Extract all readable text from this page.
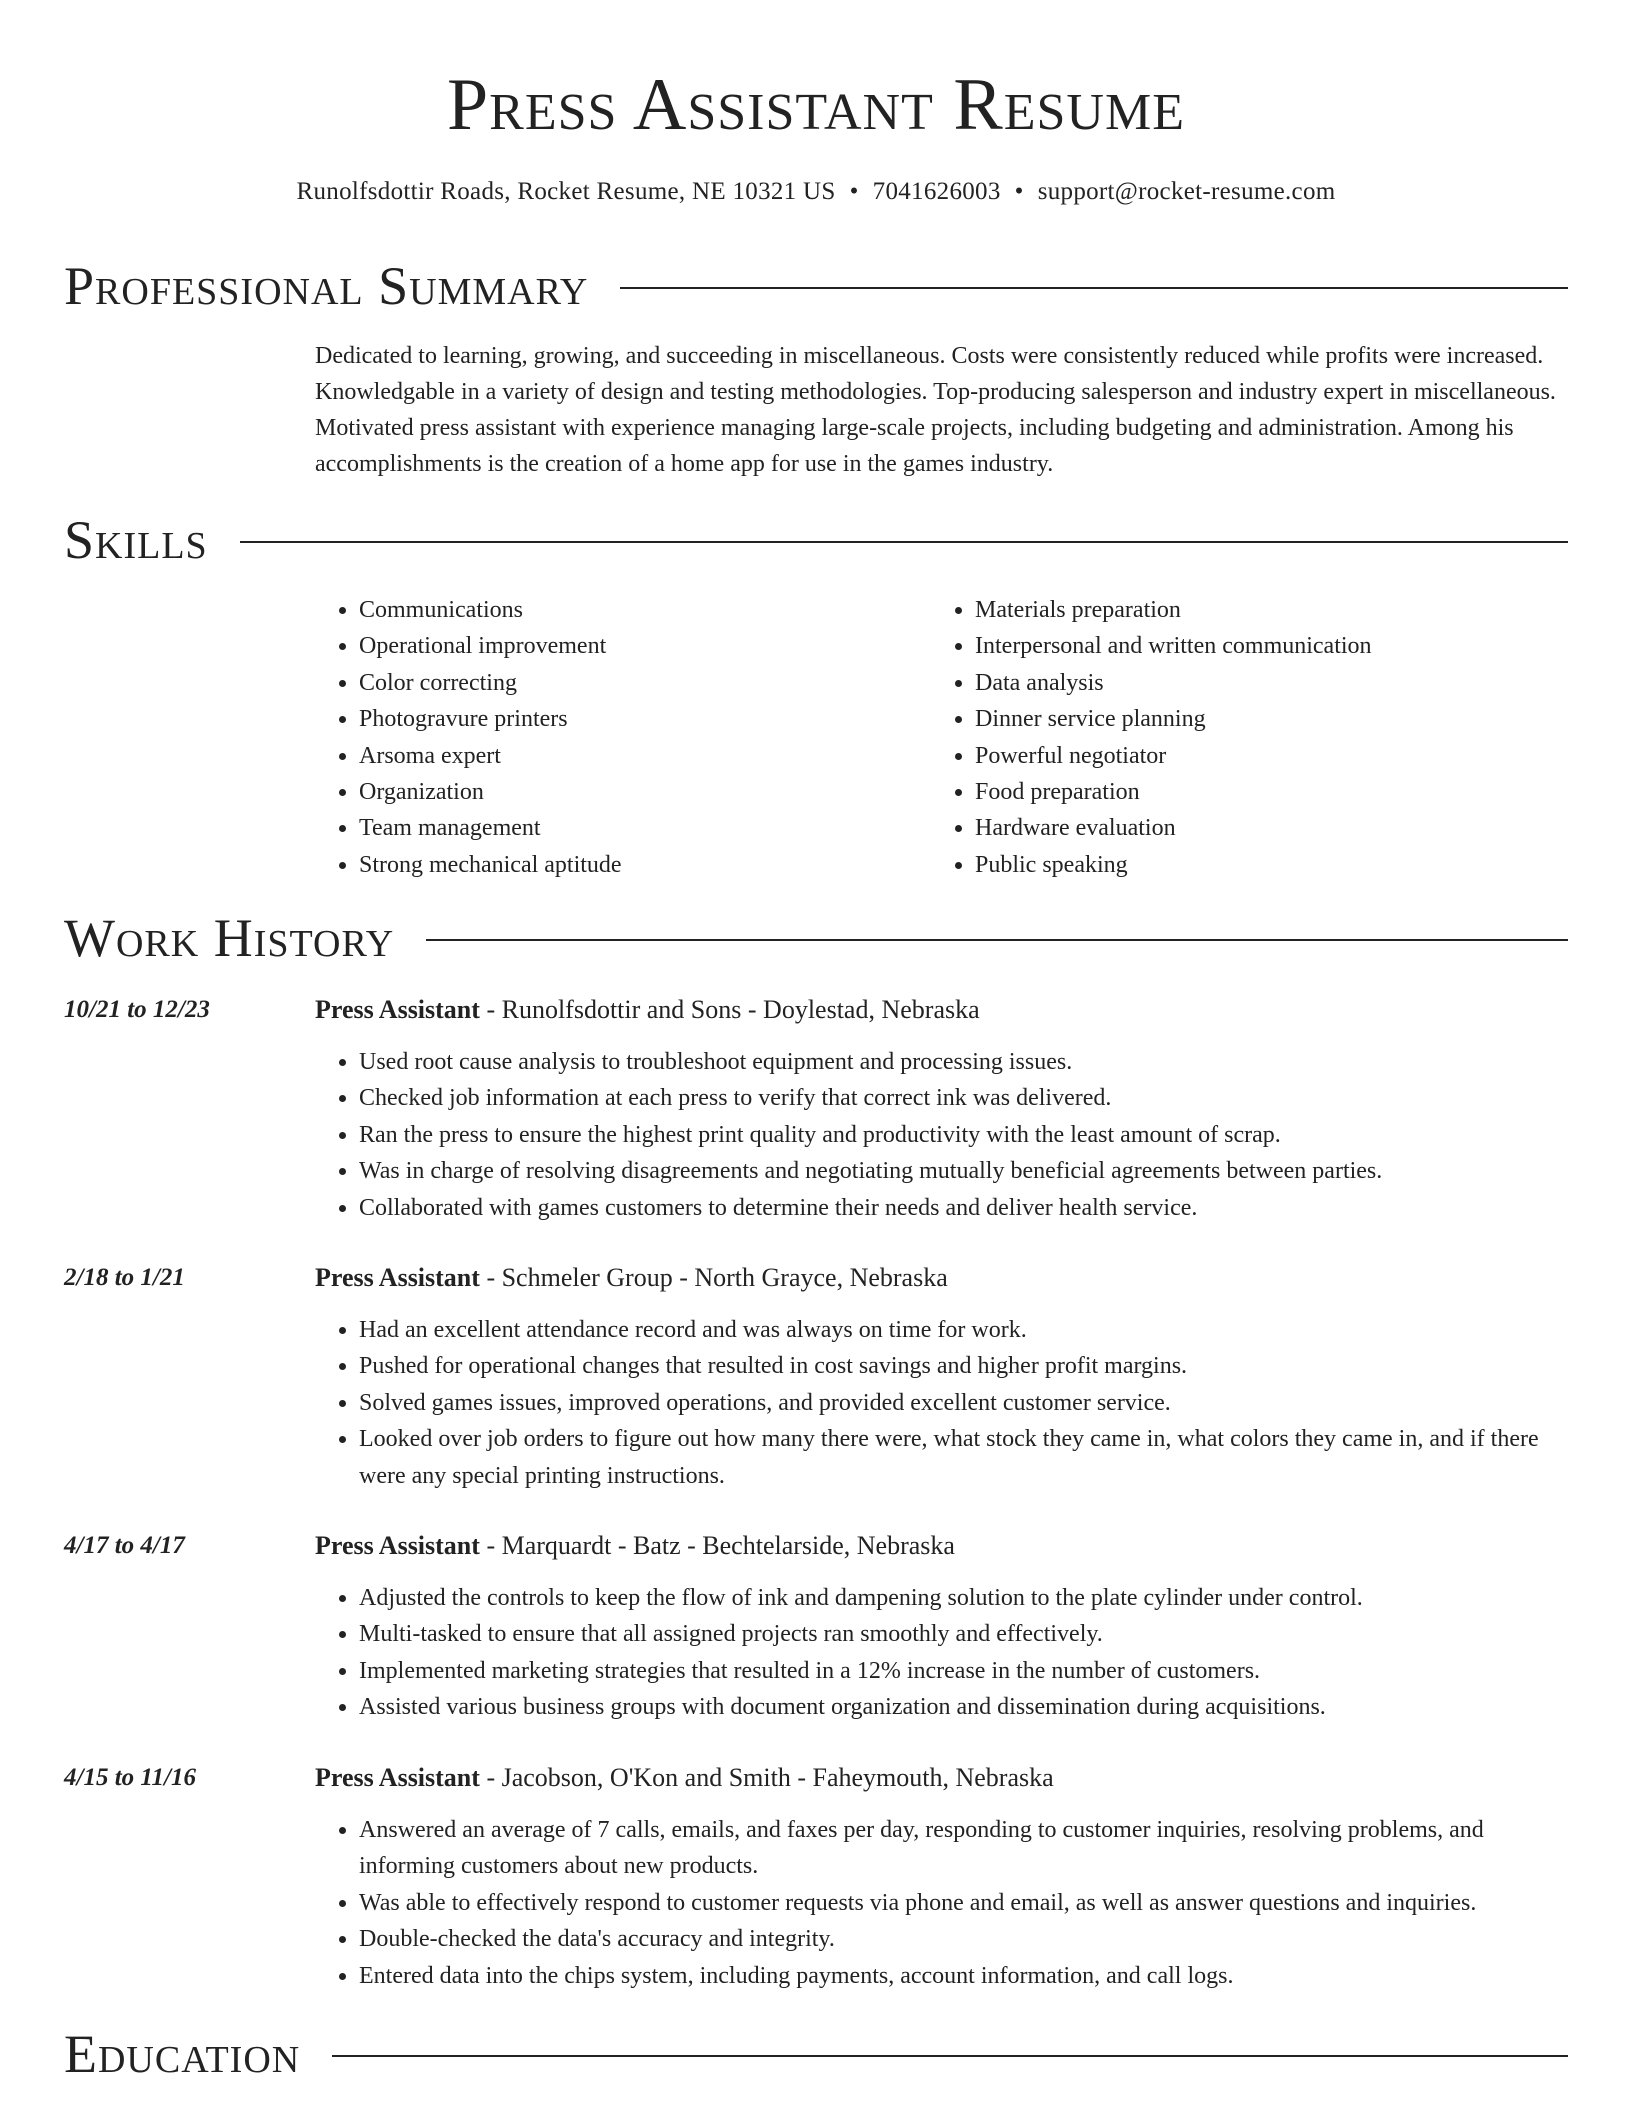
Press Assistant Resume
Runolfsdottir Roads, Rocket Resume, NE 10321 US • 7041626003 • support@rocket-resume.com
Professional Summary
Dedicated to learning, growing, and succeeding in miscellaneous. Costs were consistently reduced while profits were increased. Knowledgable in a variety of design and testing methodologies. Top-producing salesperson and industry expert in miscellaneous. Motivated press assistant with experience managing large-scale projects, including budgeting and administration. Among his accomplishments is the creation of a home app for use in the games industry.
Skills
• Communications
• Operational improvement
• Color correcting
• Photogravure printers
• Arsoma expert
• Organization
• Team management
• Strong mechanical aptitude
• Materials preparation
• Interpersonal and written communication
• Data analysis
• Dinner service planning
• Powerful negotiator
• Food preparation
• Hardware evaluation
• Public speaking
Work History
10/21 to 12/23	Press Assistant - Runolfsdottir and Sons - Doylestad, Nebraska
• Used root cause analysis to troubleshoot equipment and processing issues.
• Checked job information at each press to verify that correct ink was delivered.
• Ran the press to ensure the highest print quality and productivity with the least amount of scrap.
• Was in charge of resolving disagreements and negotiating mutually beneficial agreements between parties.
• Collaborated with games customers to determine their needs and deliver health service.
2/18 to 1/21	Press Assistant - Schmeler Group - North Grayce, Nebraska
• Had an excellent attendance record and was always on time for work.
• Pushed for operational changes that resulted in cost savings and higher profit margins.
• Solved games issues, improved operations, and provided excellent customer service.
• Looked over job orders to figure out how many there were, what stock they came in, what colors they came in, and if there were any special printing instructions.
4/17 to 4/17	Press Assistant - Marquardt - Batz - Bechtelarside, Nebraska
• Adjusted the controls to keep the flow of ink and dampening solution to the plate cylinder under control.
• Multi-tasked to ensure that all assigned projects ran smoothly and effectively.
• Implemented marketing strategies that resulted in a 12% increase in the number of customers.
• Assisted various business groups with document organization and dissemination during acquisitions.
4/15 to 11/16	Press Assistant - Jacobson, O'Kon and Smith - Faheymouth, Nebraska
• Answered an average of 7 calls, emails, and faxes per day, responding to customer inquiries, resolving problems, and informing customers about new products.
• Was able to effectively respond to customer requests via phone and email, as well as answer questions and inquiries.
• Double-checked the data's accuracy and integrity.
• Entered data into the chips system, including payments, account information, and call logs.
Education
